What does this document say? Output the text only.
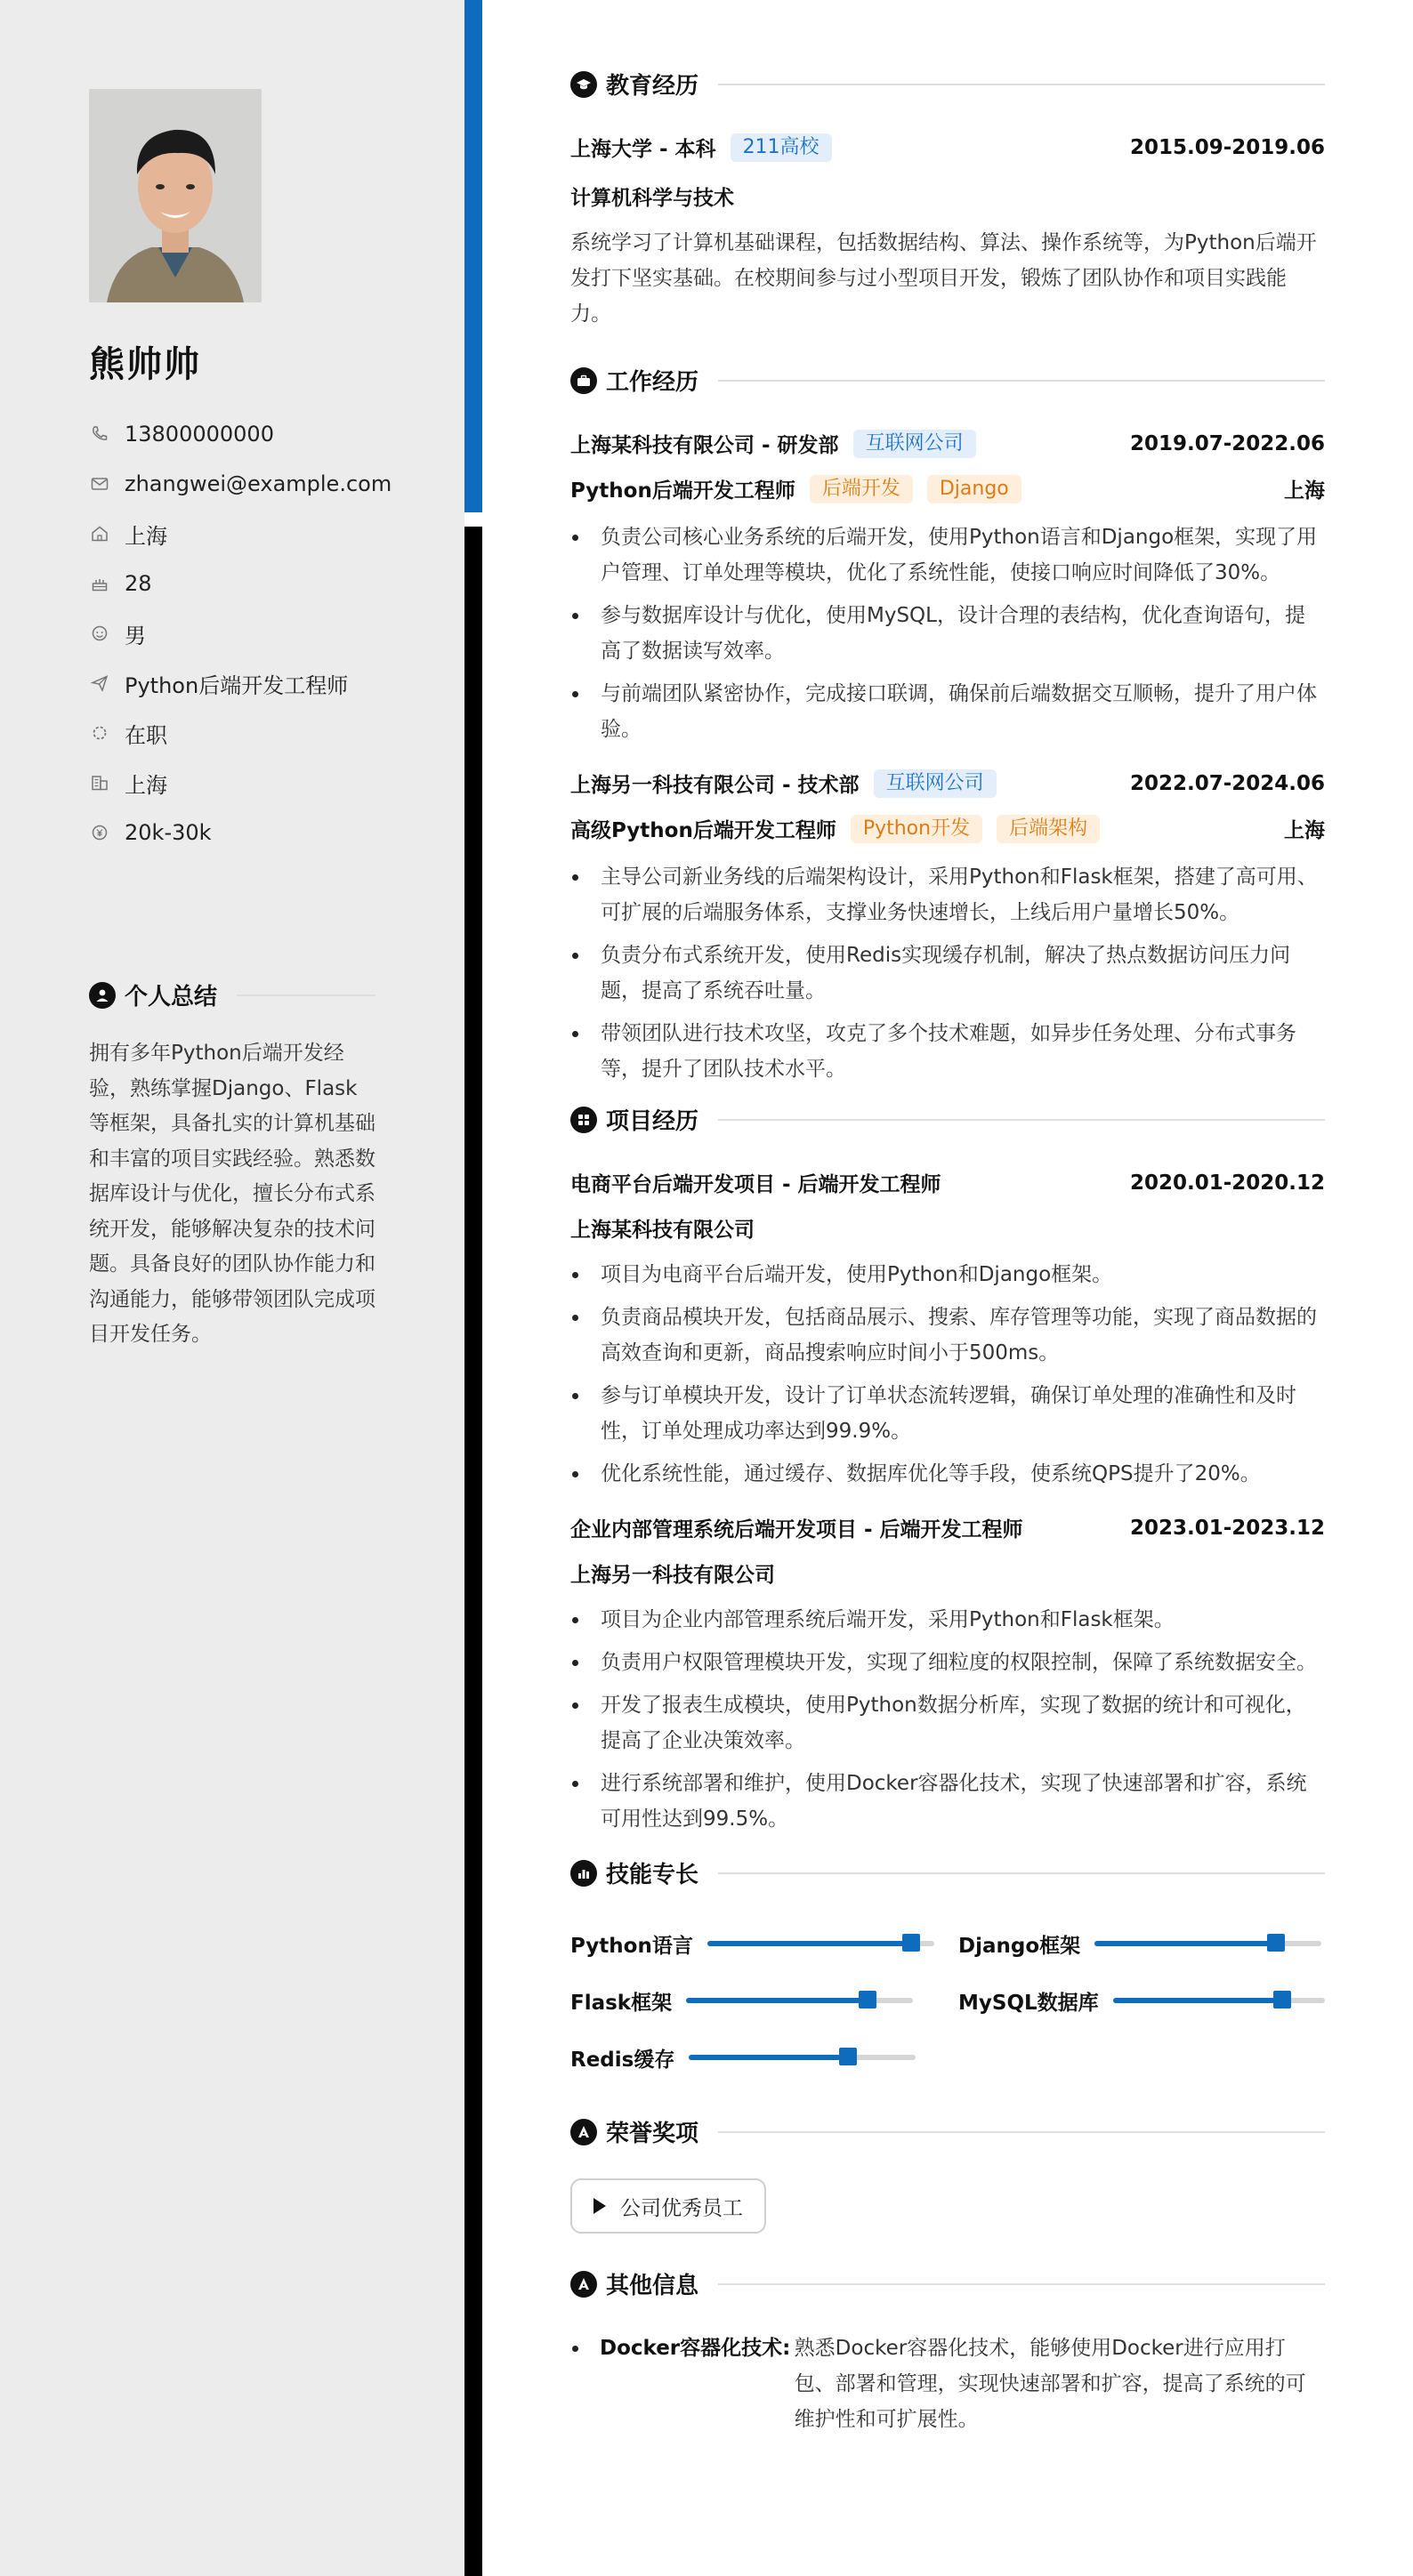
熊帅帅
13800000000
zhangwei@example.com
上海
28
男
Python后端开发工程师
在职
上海
20k-30k
个人总结
拥有多年Python后端开发经验，熟练掌握Django、Flask等框架，具备扎实的计算机基础和丰富的项目实践经验。熟悉数据库设计与优化，擅长分布式系统开发，能够解决复杂的技术问题。具备良好的团队协作能力和沟通能力，能够带领团队完成项目开发任务。
教育经历
上海大学 - 本科	211高校	2015.09-2019.06
计算机科学与技术
系统学习了计算机基础课程，包括数据结构、算法、操作系统等，为Python后端开发打下坚实基础。在校期间参与过小型项目开发，锻炼了团队协作和项目实践能力。
工作经历
上海某科技有限公司 - 研发部	互联网公司	2019.07-2022.06
Python后端开发工程师	后端开发	Django	上海
负责公司核心业务系统的后端开发，使用Python语言和Django框架，实现了用户管理、订单处理等模块，优化了系统性能，使接口响应时间降低了30%。
参与数据库设计与优化，使用MySQL，设计合理的表结构，优化查询语句，提高了数据读写效率。
与前端团队紧密协作，完成接口联调，确保前后端数据交互顺畅，提升了用户体验。
上海另一科技有限公司 - 技术部	互联网公司	2022.07-2024.06
高级Python后端开发工程师	Python开发	后端架构	上海
主导公司新业务线的后端架构设计，采用Python和Flask框架，搭建了高可用、可扩展的后端服务体系，支撑业务快速增长，上线后用户量增长50%。
负责分布式系统开发，使用Redis实现缓存机制，解决了热点数据访问压力问题，提高了系统吞吐量。
带领团队进行技术攻坚，攻克了多个技术难题，如异步任务处理、分布式事务等，提升了团队技术水平。
项目经历
电商平台后端开发项目 - 后端开发工程师	2020.01-2020.12
上海某科技有限公司
项目为电商平台后端开发，使用Python和Django框架。
负责商品模块开发，包括商品展示、搜索、库存管理等功能，实现了商品数据的高效查询和更新，商品搜索响应时间小于500ms。
参与订单模块开发，设计了订单状态流转逻辑，确保订单处理的准确性和及时性，订单处理成功率达到99.9%。
优化系统性能，通过缓存、数据库优化等手段，使系统QPS提升了20%。
企业内部管理系统后端开发项目 - 后端开发工程师	2023.01-2023.12
上海另一科技有限公司
项目为企业内部管理系统后端开发，采用Python和Flask框架。
负责用户权限管理模块开发，实现了细粒度的权限控制，保障了系统数据安全。
开发了报表生成模块，使用Python数据分析库，实现了数据的统计和可视化，提高了企业决策效率。
进行系统部署和维护，使用Docker容器化技术，实现了快速部署和扩容，系统可用性达到99.5%。
技能专长
Python语言	Django框架
Flask框架	MySQL数据库
Redis缓存
荣誉奖项
公司优秀员工
其他信息
Docker容器化技术: 熟悉Docker容器化技术，能够使用Docker进行应用打包、部署和管理，实现快速部署和扩容，提高了系统的可维护性和可扩展性。
